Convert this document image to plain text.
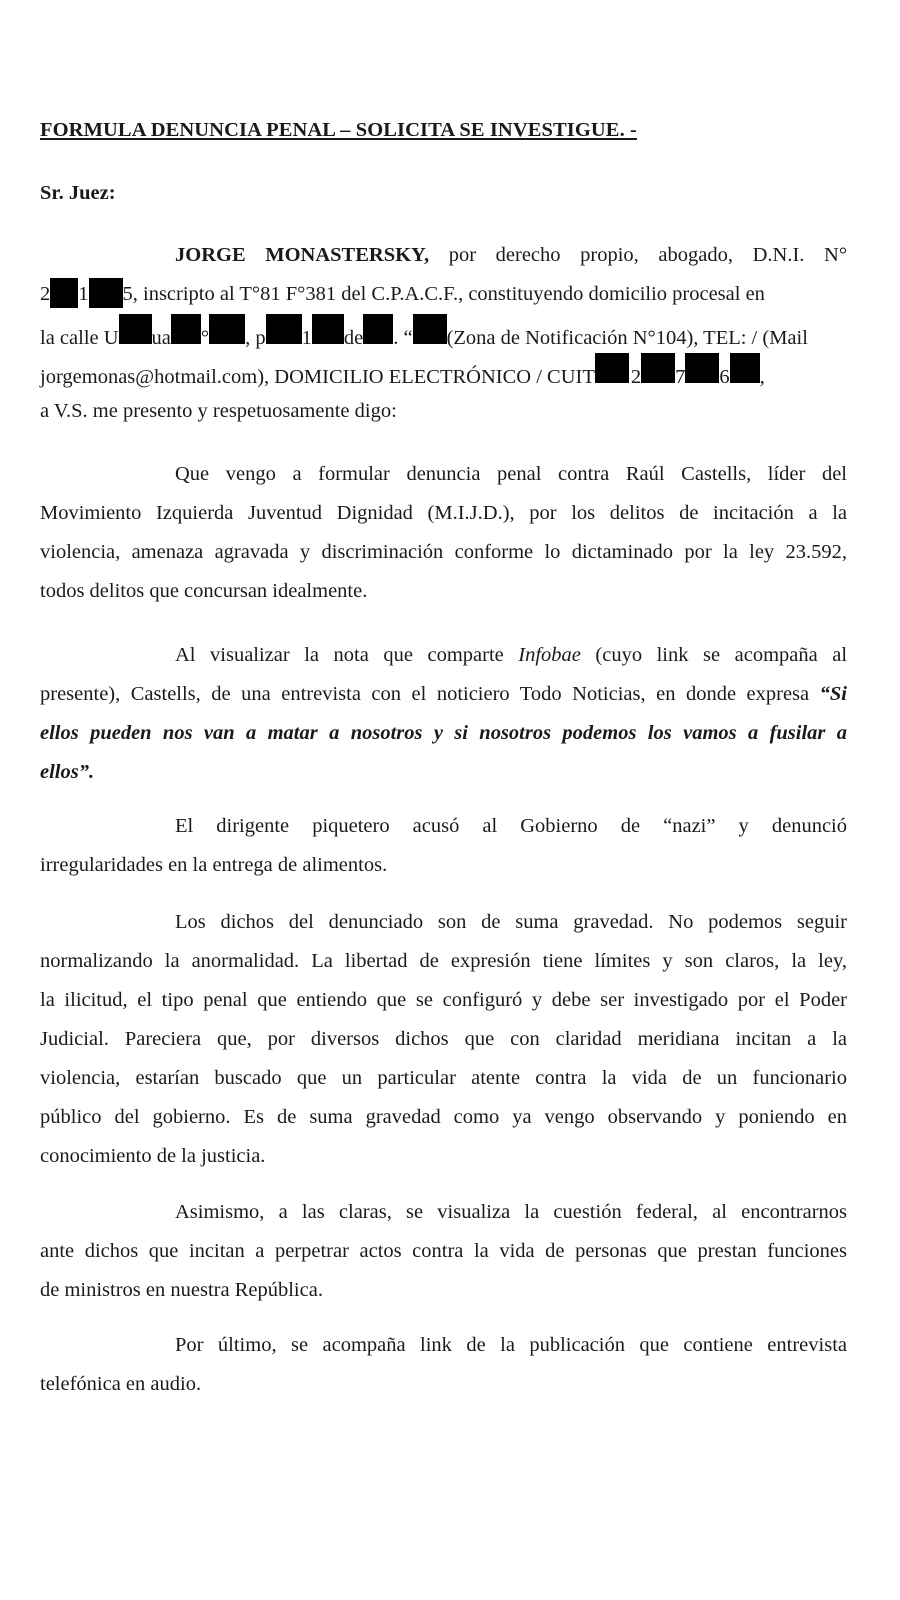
FORMULA DENUNCIA PENAL – SOLICITA SE INVESTIGUE. -
Sr. Juez:
JORGE MONASTERSKY, por derecho propio, abogado, D.N.I. N°
2 1 5, inscripto al T°81 F°381 del C.P.A.C.F., constituyendo domicilio procesal en
la calle U ua ° , p 1 de . “ (Zona de Notificación N°104), TEL: / (Mail
jorgemonas@hotmail.com), DOMICILIO ELECTRÓNICO / CUIT 2 7 6 ,
a V.S. me presento y respetuosamente digo:
Que vengo a formular denuncia penal contra Raúl Castells, líder del
Movimiento Izquierda Juventud Dignidad (M.I.J.D.), por los delitos de incitación a la
violencia, amenaza agravada y discriminación conforme lo dictaminado por la ley 23.592,
todos delitos que concursan idealmente.
Al visualizar la nota que comparte Infobae (cuyo link se acompaña al
presente), Castells, de una entrevista con el noticiero Todo Noticias, en donde expresa “Si
ellos pueden nos van a matar a nosotros y si nosotros podemos los vamos a fusilar a
ellos”.
El dirigente piquetero acusó al Gobierno de “nazi” y denunció
irregularidades en la entrega de alimentos.
Los dichos del denunciado son de suma gravedad. No podemos seguir
normalizando la anormalidad. La libertad de expresión tiene límites y son claros, la ley,
la ilicitud, el tipo penal que entiendo que se configuró y debe ser investigado por el Poder
Judicial. Pareciera que, por diversos dichos que con claridad meridiana incitan a la
violencia, estarían buscado que un particular atente contra la vida de un funcionario
público del gobierno. Es de suma gravedad como ya vengo observando y poniendo en
conocimiento de la justicia.
Asimismo, a las claras, se visualiza la cuestión federal, al encontrarnos
ante dichos que incitan a perpetrar actos contra la vida de personas que prestan funciones
de ministros en nuestra República.
Por último, se acompaña link de la publicación que contiene entrevista
telefónica en audio.
